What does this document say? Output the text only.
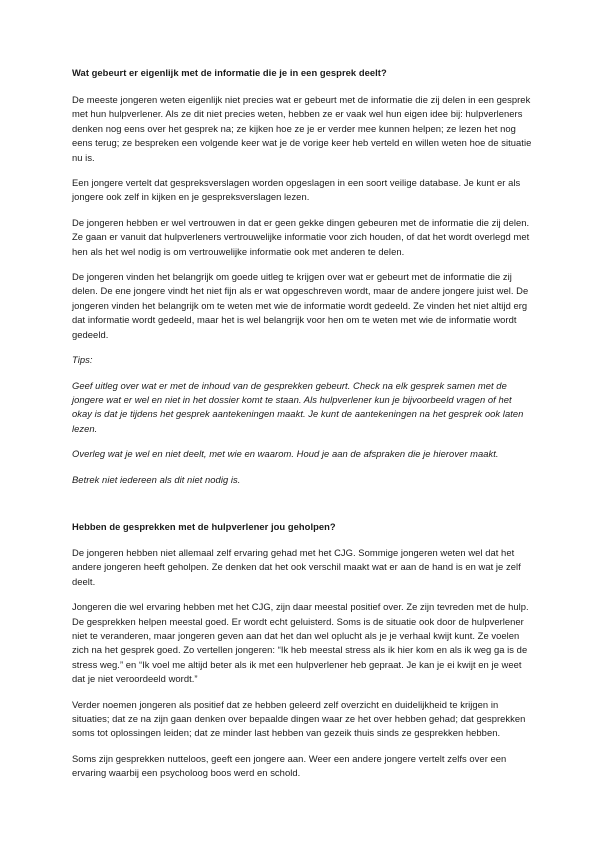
Wat gebeurt er eigenlijk met de informatie die je in een gesprek deelt?

De meeste jongeren weten eigenlijk niet precies wat er gebeurt met de informatie die zij delen in een gesprek met hun hulpverlener. Als ze dit niet precies weten, hebben ze er vaak wel hun eigen idee bij: hulpverleners denken nog eens over het gesprek na; ze kijken hoe ze je er verder mee kunnen helpen; ze lezen het nog eens terug; ze bespreken een volgende keer wat je de vorige keer heb verteld en willen weten hoe de situatie nu is.

Een jongere vertelt dat gespreksverslagen worden opgeslagen in een soort veilige database. Je kunt er als jongere ook zelf in kijken en je gespreksverslagen lezen.

De jongeren hebben er wel vertrouwen in dat er geen gekke dingen gebeuren met de informatie die zij delen. Ze gaan er vanuit dat hulpverleners vertrouwelijke informatie voor zich houden, of dat het wordt overlegd met hen als het wel nodig is om vertrouwelijke informatie ook met anderen te delen.

De jongeren vinden het belangrijk om goede uitleg te krijgen over wat er gebeurt met de informatie die zij delen. De ene jongere vindt het niet fijn als er wat opgeschreven wordt, maar de andere jongere juist wel. De jongeren vinden het belangrijk om te weten met wie de informatie wordt gedeeld. Ze vinden het niet altijd erg dat informatie wordt gedeeld, maar het is wel belangrijk voor hen om te weten met wie de informatie wordt gedeeld.

Tips:

Geef uitleg over wat er met de inhoud van de gesprekken gebeurt. Check na elk gesprek samen met de jongere wat er wel en niet in het dossier komt te staan. Als hulpverlener kun je bijvoorbeeld vragen of het okay is dat je tijdens het gesprek aantekeningen maakt. Je kunt de aantekeningen na het gesprek ook laten lezen.

Overleg wat je wel en niet deelt, met wie en waarom. Houd je aan de afspraken die je hierover maakt.

Betrek niet iedereen als dit niet nodig is.

Hebben de gesprekken met de hulpverlener jou geholpen?

De jongeren hebben niet allemaal zelf ervaring gehad met het CJG. Sommige jongeren weten wel dat het andere jongeren heeft geholpen. Ze denken dat het ook verschil maakt wat er aan de hand is en wat je zelf deelt.

Jongeren die wel ervaring hebben met het CJG, zijn daar meestal positief over. Ze zijn tevreden met de hulp. De gesprekken helpen meestal goed. Er wordt echt geluisterd. Soms is de situatie ook door de hulpverlener niet te veranderen, maar jongeren geven aan dat het dan wel oplucht als je je verhaal kwijt kunt. Ze voelen zich na het gesprek goed. Zo vertellen jongeren: “Ik heb meestal stress als ik hier kom en als ik weg ga is de stress weg.” en “Ik voel me altijd beter als ik met een hulpverlener heb gepraat. Je kan je ei kwijt en je weet dat je niet veroordeeld wordt.”

Verder noemen jongeren als positief dat ze hebben geleerd zelf overzicht en duidelijkheid te krijgen in situaties; dat ze na zijn gaan denken over bepaalde dingen waar ze het over hebben gehad; dat gesprekken soms tot oplossingen leiden; dat ze minder last hebben van gezeik thuis sinds ze gesprekken hebben.

Soms zijn gesprekken nutteloos, geeft een jongere aan. Weer een andere jongere vertelt zelfs over een ervaring waarbij een psycholoog boos werd en schold.
